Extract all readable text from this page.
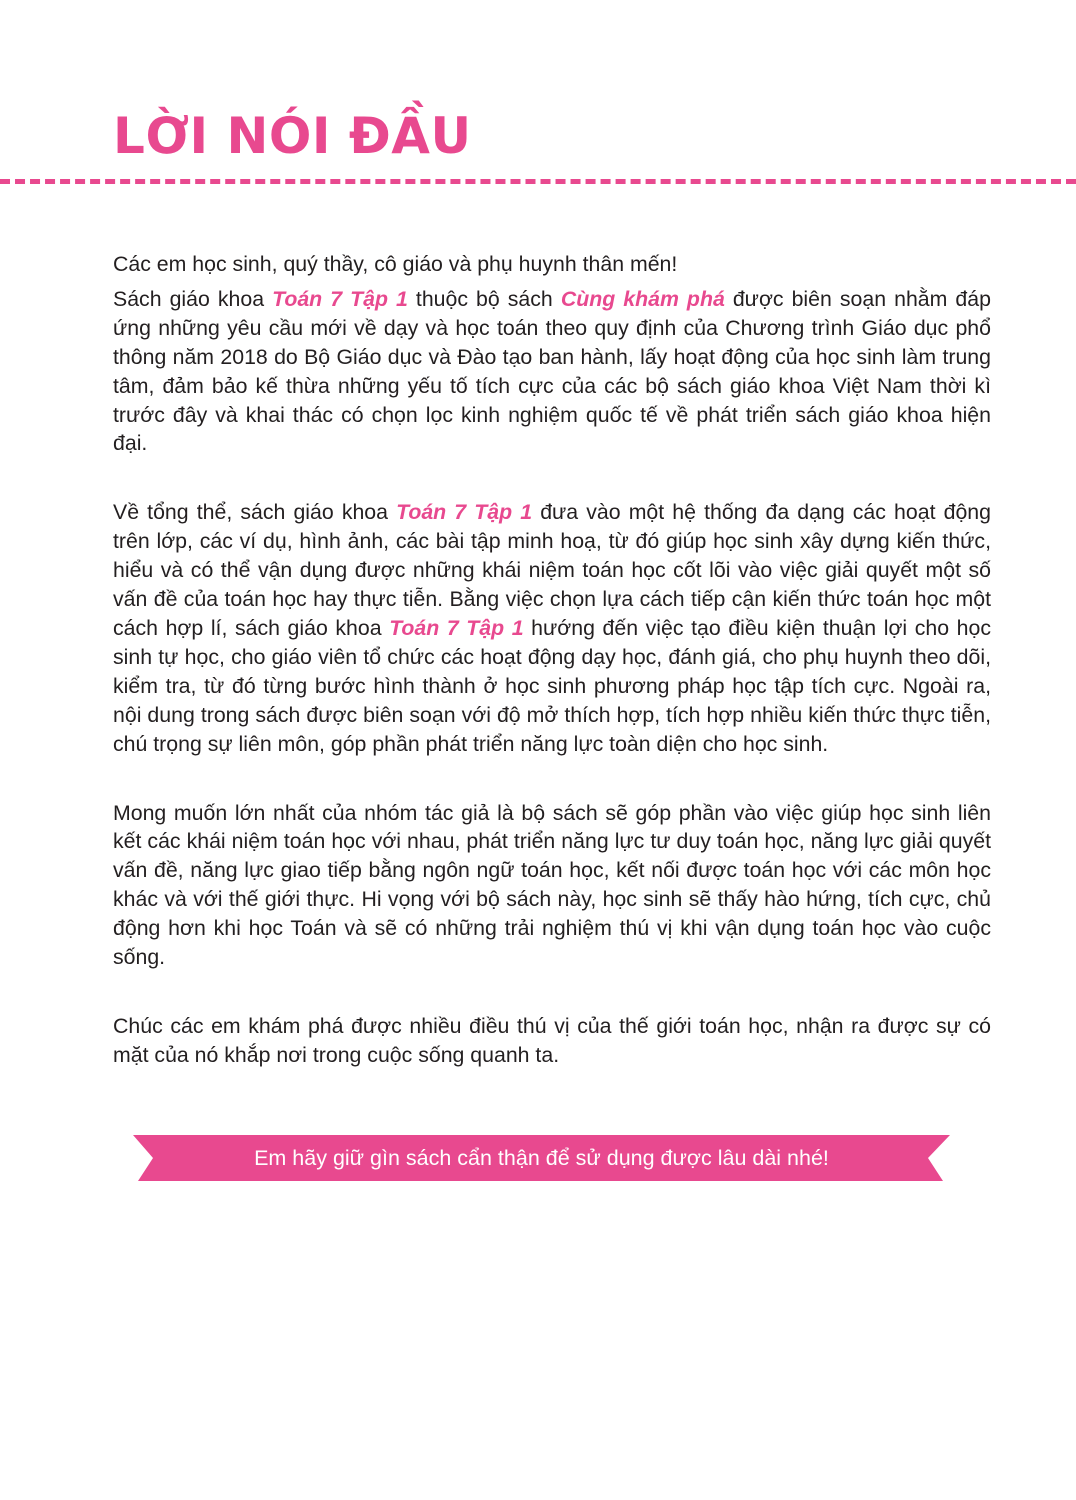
LỜI NÓI ĐẦU

Các em học sinh, quý thầy, cô giáo và phụ huynh thân mến!

Sách giáo khoa Toán 7 Tập 1 thuộc bộ sách Cùng khám phá được biên soạn nhằm đáp ứng những yêu cầu mới về dạy và học toán theo quy định của Chương trình Giáo dục phổ thông năm 2018 do Bộ Giáo dục và Đào tạo ban hành, lấy hoạt động của học sinh làm trung tâm, đảm bảo kế thừa những yếu tố tích cực của các bộ sách giáo khoa Việt Nam thời kì trước đây và khai thác có chọn lọc kinh nghiệm quốc tế về phát triển sách giáo khoa hiện đại.

Về tổng thể, sách giáo khoa Toán 7 Tập 1 đưa vào một hệ thống đa dạng các hoạt động trên lớp, các ví dụ, hình ảnh, các bài tập minh hoạ, từ đó giúp học sinh xây dựng kiến thức, hiểu và có thể vận dụng được những khái niệm toán học cốt lõi vào việc giải quyết một số vấn đề của toán học hay thực tiễn. Bằng việc chọn lựa cách tiếp cận kiến thức toán học một cách hợp lí, sách giáo khoa Toán 7 Tập 1 hướng đến việc tạo điều kiện thuận lợi cho học sinh tự học, cho giáo viên tổ chức các hoạt động dạy học, đánh giá, cho phụ huynh theo dõi, kiểm tra, từ đó từng bước hình thành ở học sinh phương pháp học tập tích cực. Ngoài ra, nội dung trong sách được biên soạn với độ mở thích hợp, tích hợp nhiều kiến thức thực tiễn, chú trọng sự liên môn, góp phần phát triển năng lực toàn diện cho học sinh.

Mong muốn lớn nhất của nhóm tác giả là bộ sách sẽ góp phần vào việc giúp học sinh liên kết các khái niệm toán học với nhau, phát triển năng lực tư duy toán học, năng lực giải quyết vấn đề, năng lực giao tiếp bằng ngôn ngữ toán học, kết nối được toán học với các môn học khác và với thế giới thực. Hi vọng với bộ sách này, học sinh sẽ thấy hào hứng, tích cực, chủ động hơn khi học Toán và sẽ có những trải nghiệm thú vị khi vận dụng toán học vào cuộc sống.

Chúc các em khám phá được nhiều điều thú vị của thế giới toán học, nhận ra được sự có mặt của nó khắp nơi trong cuộc sống quanh ta.

Em hãy giữ gìn sách cẩn thận để sử dụng được lâu dài nhé!
